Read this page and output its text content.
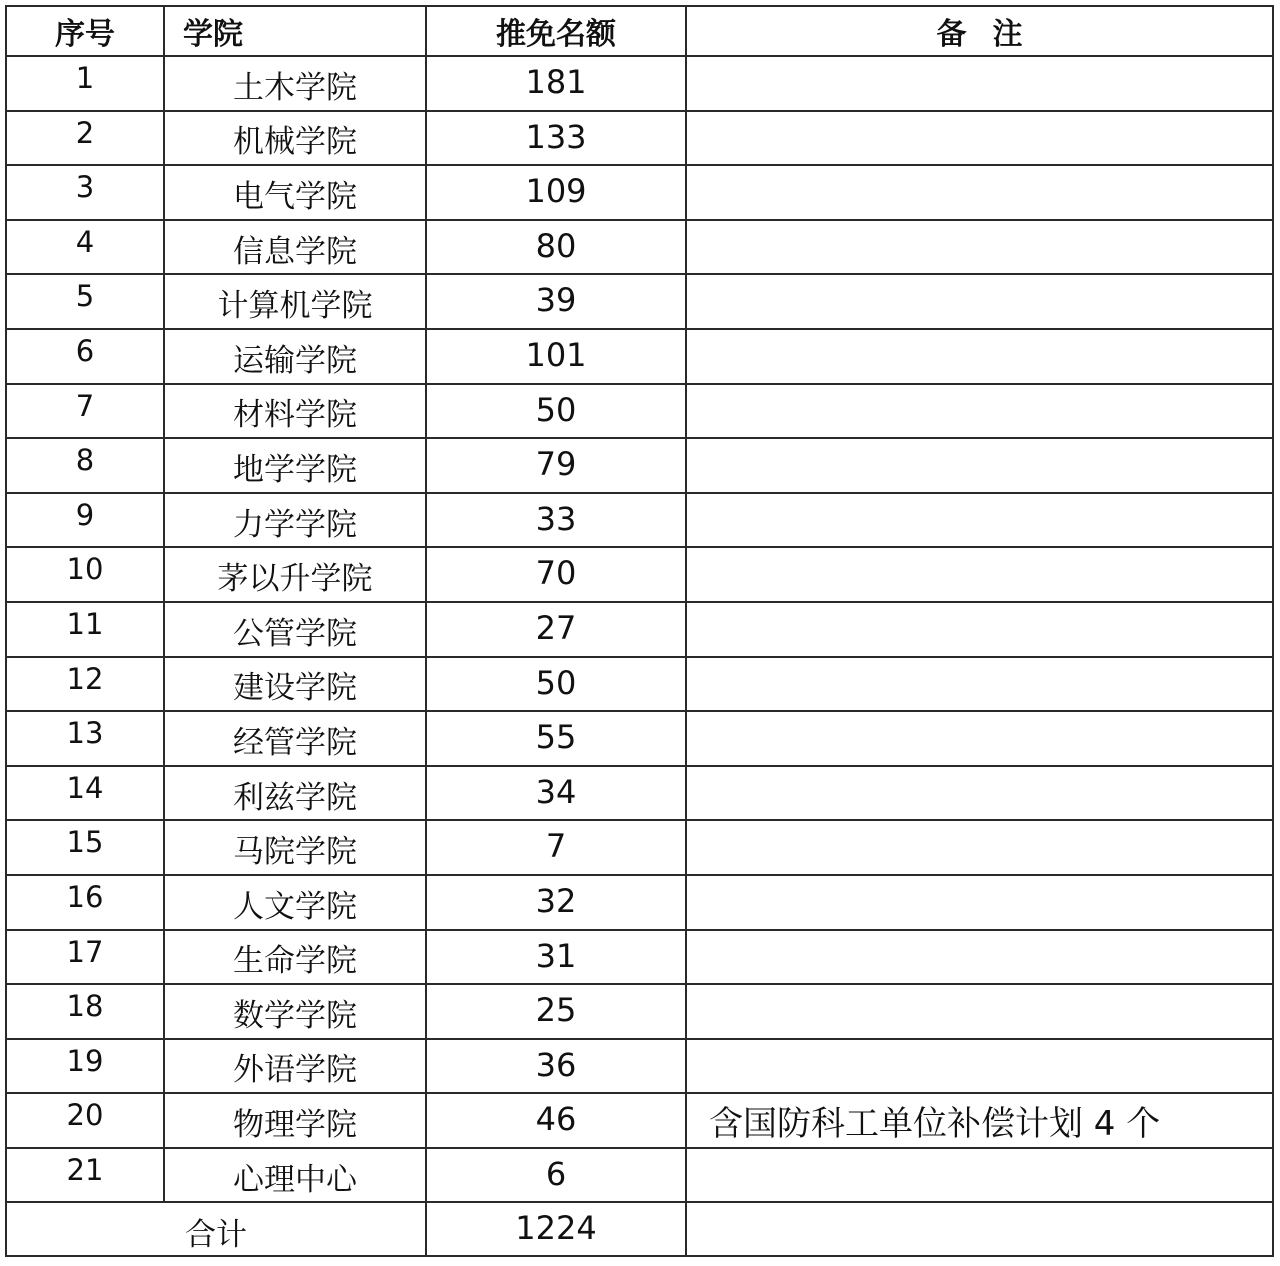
序号	学院	推免名额	备注
1	土木学院	181	
2	机械学院	133	
3	电气学院	109	
4	信息学院	80	
5	计算机学院	39	
6	运输学院	101	
7	材料学院	50	
8	地学学院	79	
9	力学学院	33	
10	茅以升学院	70	
11	公管学院	27	
12	建设学院	50	
13	经管学院	55	
14	利兹学院	34	
15	马院学院	7	
16	人文学院	32	
17	生命学院	31	
18	数学学院	25	
19	外语学院	36	
20	物理学院	46	含国防科工单位补偿计划 4 个
21	心理中心	6	
合计		1224	
